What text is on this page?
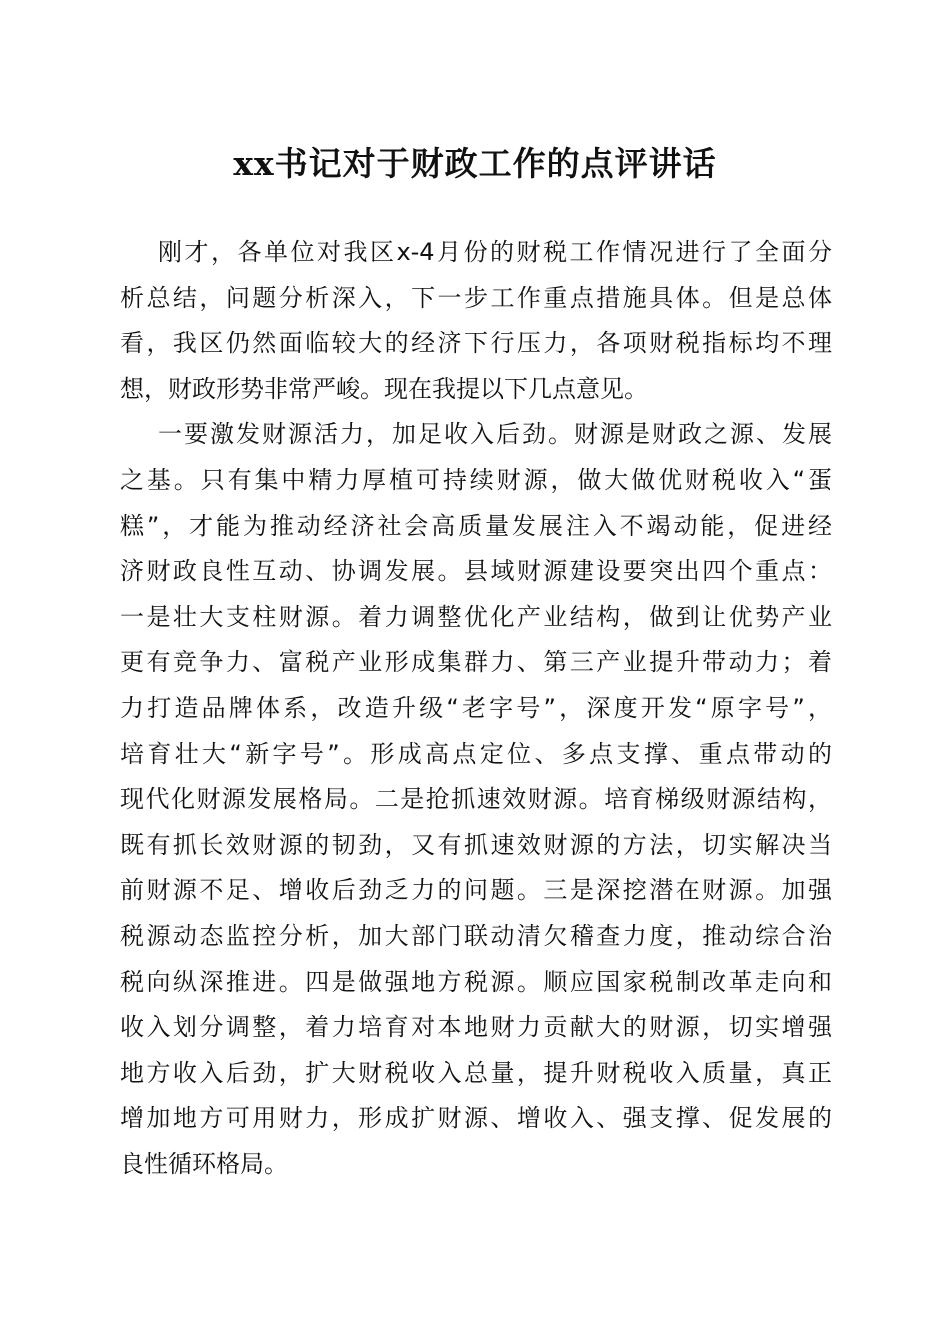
xx书记对于财政工作的点评讲话
刚才，各单位对我区x-4月份的财税工作情况进行了全面分
析总结，问题分析深入，下一步工作重点措施具体。但是总体
看，我区仍然面临较大的经济下行压力，各项财税指标均不理
想，财政形势非常严峻。现在我提以下几点意见。
一要激发财源活力，加足收入后劲。财源是财政之源、发展
之基。只有集中精力厚植可持续财源，做大做优财税收入“蛋
糕”，才能为推动经济社会高质量发展注入不竭动能，促进经
济财政良性互动、协调发展。县域财源建设要突出四个重点：
一是壮大支柱财源。着力调整优化产业结构，做到让优势产业
更有竞争力、富税产业形成集群力、第三产业提升带动力；着
力打造品牌体系，改造升级“老字号”，深度开发“原字号”，
培育壮大“新字号”。形成高点定位、多点支撑、重点带动的
现代化财源发展格局。二是抢抓速效财源。培育梯级财源结构，
既有抓长效财源的韧劲，又有抓速效财源的方法，切实解决当
前财源不足、增收后劲乏力的问题。三是深挖潜在财源。加强
税源动态监控分析，加大部门联动清欠稽查力度，推动综合治
税向纵深推进。四是做强地方税源。顺应国家税制改革走向和
收入划分调整，着力培育对本地财力贡献大的财源，切实增强
地方收入后劲，扩大财税收入总量，提升财税收入质量，真正
增加地方可用财力，形成扩财源、增收入、强支撑、促发展的
良性循环格局。
